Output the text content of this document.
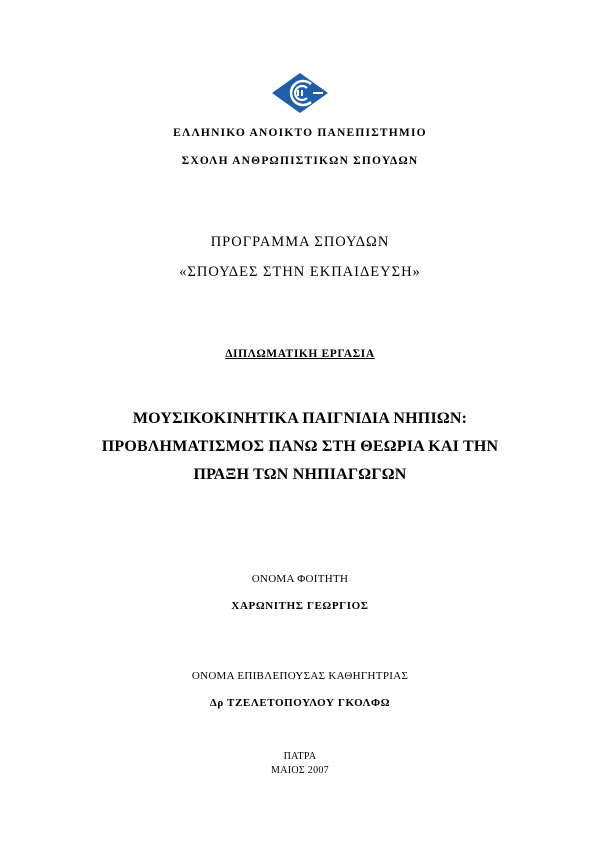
ΕΛΛΗΝΙΚΟ ΑΝΟΙΚΤΟ ΠΑΝΕΠΙΣΤΗΜΙΟ
ΣΧΟΛΗ ΑΝΘΡΩΠΙΣΤΙΚΩΝ ΣΠΟΥΔΩΝ
ΠΡΟΓΡΑΜΜΑ ΣΠΟΥΔΩΝ
«ΣΠΟΥΔΕΣ ΣΤΗΝ ΕΚΠΑΙΔΕΥΣΗ»
ΔΙΠΛΩΜΑΤΙΚΗ ΕΡΓΑΣΙΑ
ΜΟΥΣΙΚΟΚΙΝΗΤΙΚΑ ΠΑΙΓΝΙΔΙΑ ΝΗΠΙΩΝ:
ΠΡΟΒΛΗΜΑΤΙΣΜΟΣ ΠΑΝΩ ΣΤΗ ΘΕΩΡΙΑ ΚΑΙ ΤΗΝ
ΠΡΑΞΗ ΤΩΝ ΝΗΠΙΑΓΩΓΩΝ
ΟΝΟΜΑ ΦΟΙΤΗΤΗ
ΧΑΡΩΝΙΤΗΣ ΓΕΩΡΓΙΟΣ
ΟΝΟΜΑ ΕΠΙΒΛΕΠΟΥΣΑΣ ΚΑΘΗΓΗΤΡΙΑΣ
Δρ ΤΖΕΛΕΤΟΠΟΥΛΟΥ ΓΚΟΛΦΩ
ΠΑΤΡΑ
ΜΑΙΟΣ 2007
